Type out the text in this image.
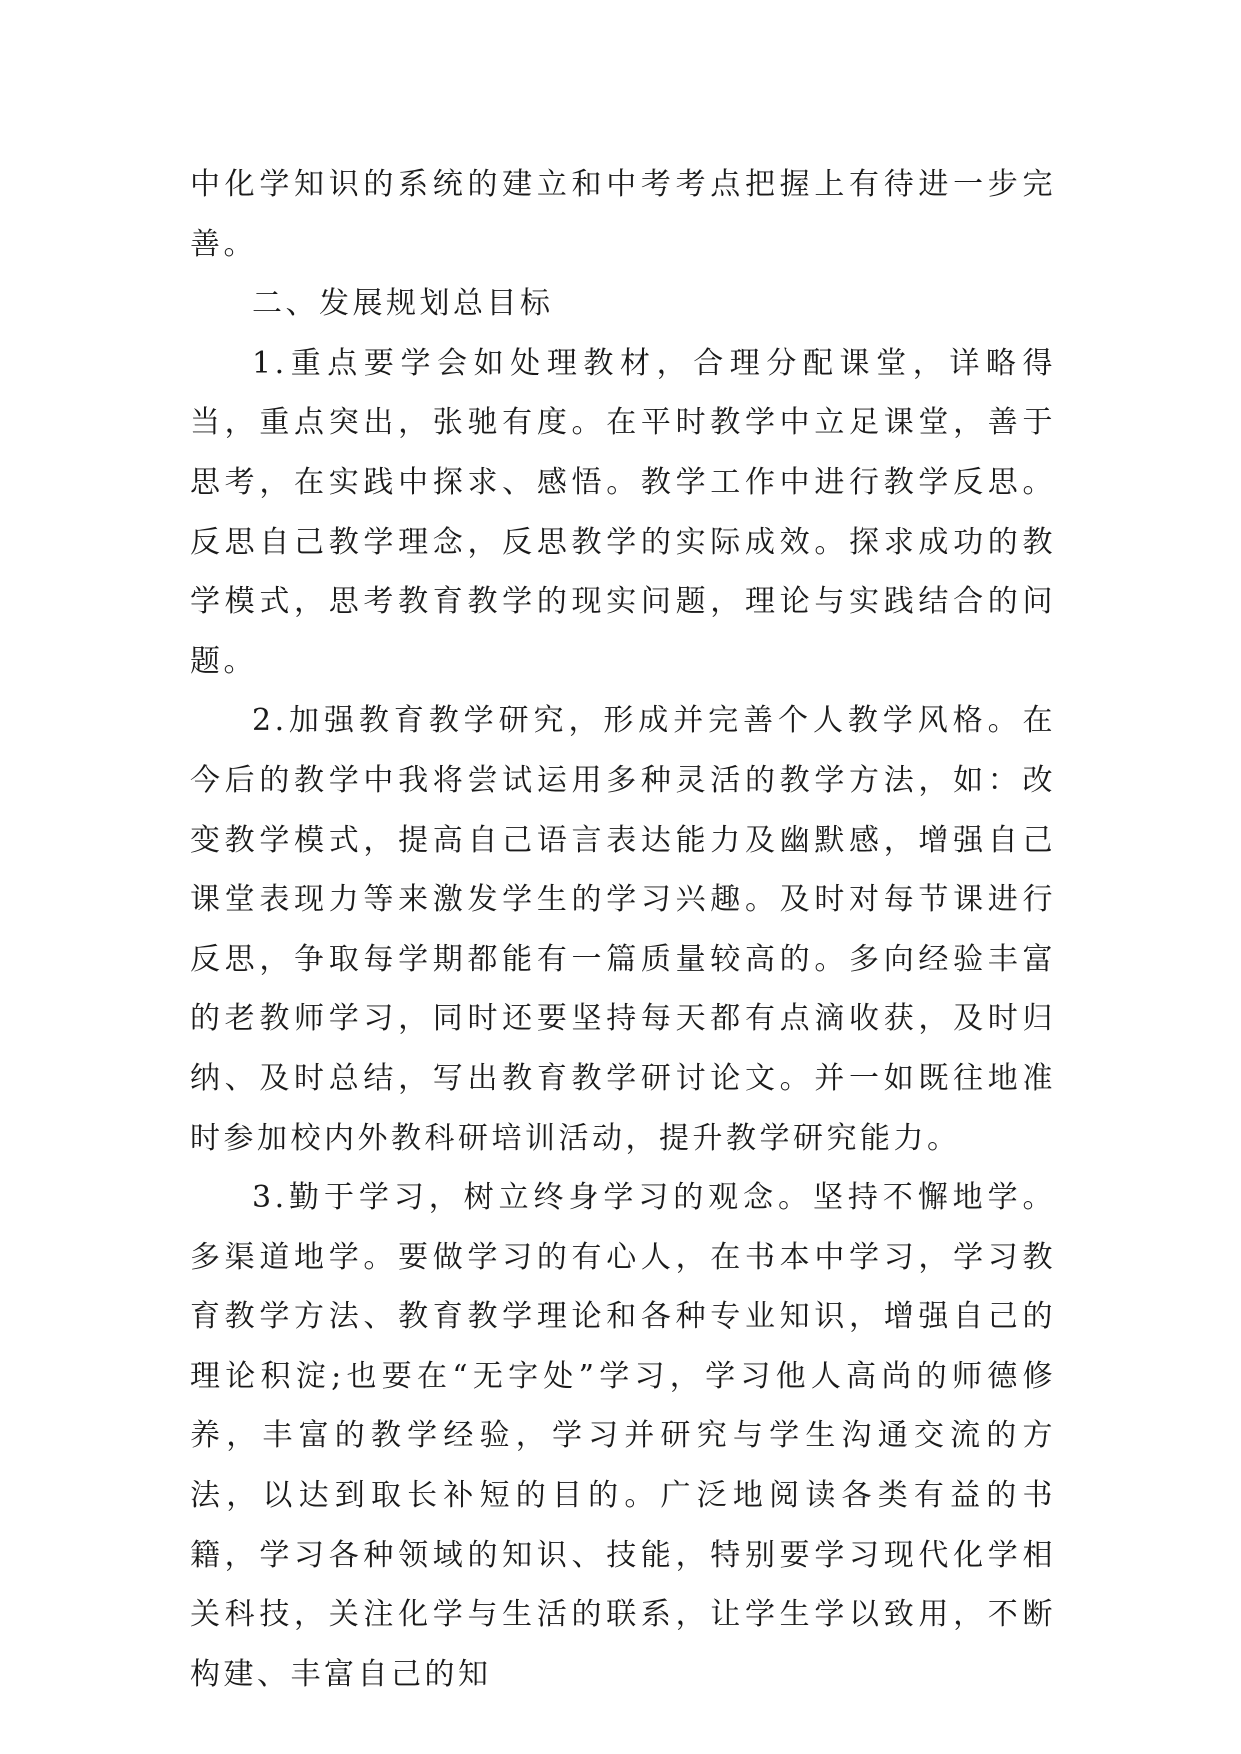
中化学知识的系统的建立和中考考点把握上有待进一步完善。

二、发展规划总目标

1.重点要学会如处理教材，合理分配课堂，详略得当，重点突出，张驰有度。在平时教学中立足课堂，善于思考，在实践中探求、感悟。教学工作中进行教学反思。反思自己教学理念，反思教学的实际成效。探求成功的教学模式，思考教育教学的现实问题，理论与实践结合的问题。

2.加强教育教学研究，形成并完善个人教学风格。在今后的教学中我将尝试运用多种灵活的教学方法，如：改变教学模式，提高自己语言表达能力及幽默感，增强自己课堂表现力等来激发学生的学习兴趣。及时对每节课进行反思，争取每学期都能有一篇质量较高的。多向经验丰富的老教师学习，同时还要坚持每天都有点滴收获，及时归纳、及时总结，写出教育教学研讨论文。并一如既往地准时参加校内外教科研培训活动，提升教学研究能力。

3.勤于学习，树立终身学习的观念。坚持不懈地学。多渠道地学。要做学习的有心人，在书本中学习，学习教育教学方法、教育教学理论和各种专业知识，增强自己的理论积淀;也要在“无字处”学习，学习他人高尚的师德修养，丰富的教学经验，学习并研究与学生沟通交流的方法，以达到取长补短的目的。广泛地阅读各类有益的书籍，学习各种领域的知识、技能，特别要学习现代化学相关科技，关注化学与生活的联系，让学生学以致用，不断构建、丰富自己的知
